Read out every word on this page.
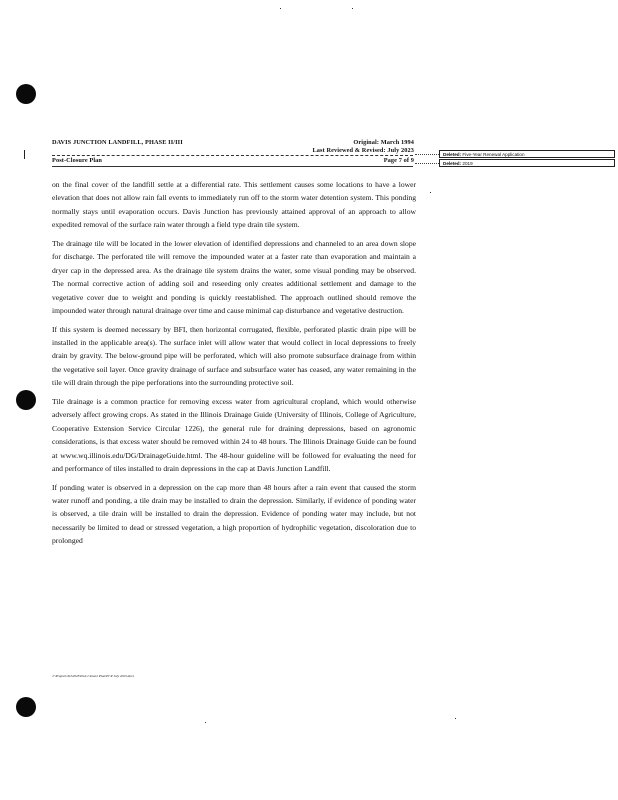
DAVIS JUNCTION LANDFILL, PHASE II/III	Original: March 1994
Last Reviewed & Revised: July 2023
Post-Closure Plan	Page 7 of 9
Deleted: Five-Year Renewal Application
Deleted: 2019

on the final cover of the landfill settle at a differential rate. This settlement causes some locations to have a lower elevation that does not allow rain fall events to immediately run off to the storm water detention system. This ponding normally stays until evaporation occurs. Davis Junction has previously attained approval of an approach to allow expedited removal of the surface rain water through a field type drain tile system.

The drainage tile will be located in the lower elevation of identified depressions and channeled to an area down slope for discharge. The perforated tile will remove the impounded water at a faster rate than evaporation and maintain a dryer cap in the depressed area. As the drainage tile system drains the water, some visual ponding may be observed. The normal corrective action of adding soil and reseeding only creates additional settlement and damage to the vegetative cover due to weight and ponding is quickly reestablished. The approach outlined should remove the impounded water through natural drainage over time and cause minimal cap disturbance and vegetative destruction.

If this system is deemed necessary by BFI, then horizontal corrugated, flexible, perforated plastic drain pipe will be installed in the applicable area(s). The surface inlet will allow water that would collect in local depressions to freely drain by gravity. The below-ground pipe will be perforated, which will also promote subsurface drainage from within the vegetative soil layer. Once gravity drainage of surface and subsurface water has ceased, any water remaining in the tile will drain through the pipe perforations into the surrounding protective soil.

Tile drainage is a common practice for removing excess water from agricultural cropland, which would otherwise adversely affect growing crops. As stated in the Illinois Drainage Guide (University of Illinois, College of Agriculture, Cooperative Extension Service Circular 1226), the general rule for draining depressions, based on agronomic considerations, is that excess water should be removed within 24 to 48 hours. The Illinois Drainage Guide can be found at www.wq.illinois.edu/DG/DrainageGuide.html. The 48-hour guideline will be followed for evaluating the need for and performance of tiles installed to drain depressions in the cap at Davis Junction Landfill.

If ponding water is observed in a depression on the cap more than 48 hours after a rain event that caused the storm water runoff and ponding, a tile drain may be installed to drain the depression. Similarly, if evidence of ponding water is observed, a tile drain will be installed to drain the depression. Evidence of ponding water may include, but not necessarily be limited to dead or stressed vegetation, a high proportion of hydrophilic vegetation, discoloration due to prolonged

J:\Projects\DJ\2023\Post-Closure Plan\PCP July 2023.docx
